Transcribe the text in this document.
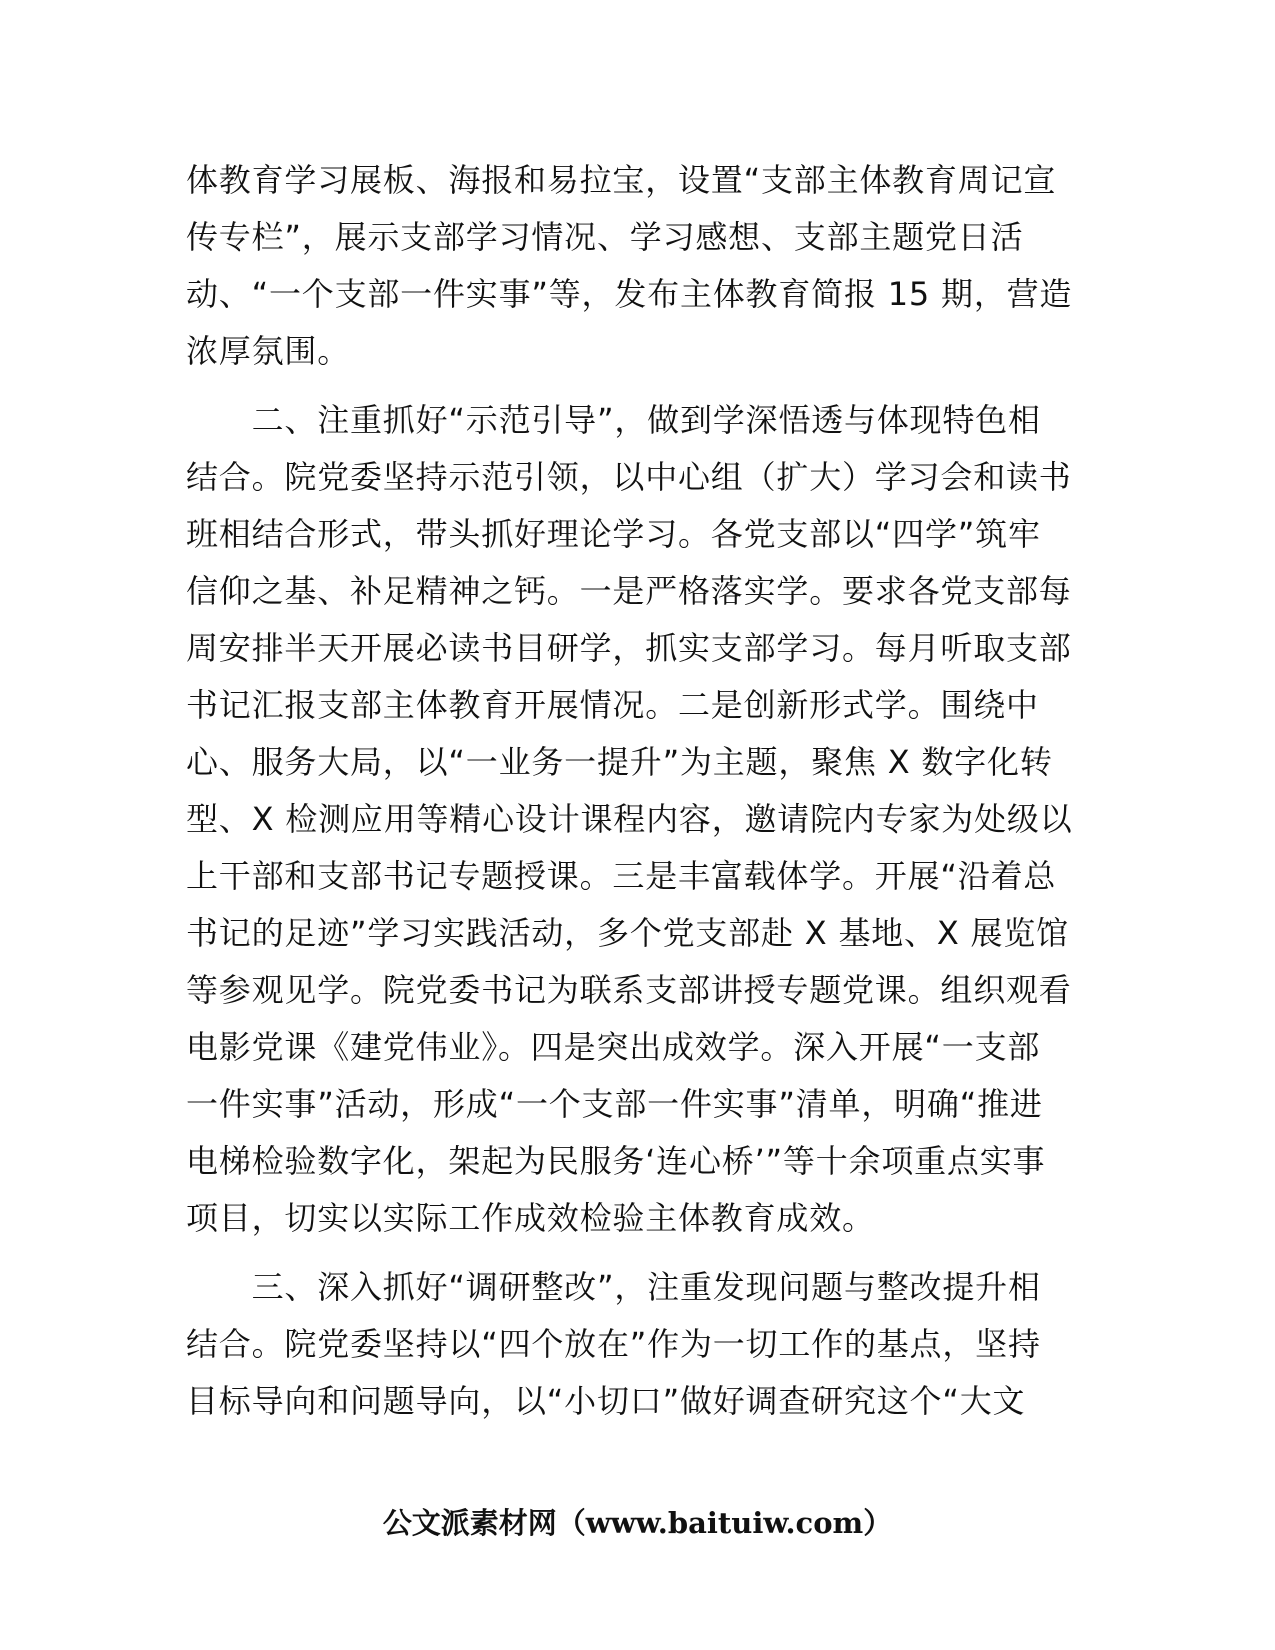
体教育学习展板、海报和易拉宝，设置“支部主体教育周记宣
传专栏”，展示支部学习情况、学习感想、支部主题党日活
动、“一个支部一件实事”等，发布主体教育简报 15 期，营造
浓厚氛围。

　　二、注重抓好“示范引导”，做到学深悟透与体现特色相
结合。院党委坚持示范引领，以中心组（扩大）学习会和读书
班相结合形式，带头抓好理论学习。各党支部以“四学”筑牢
信仰之基、补足精神之钙。一是严格落实学。要求各党支部每
周安排半天开展必读书目研学，抓实支部学习。每月听取支部
书记汇报支部主体教育开展情况。二是创新形式学。围绕中
心、服务大局，以“一业务一提升”为主题，聚焦 X 数字化转
型、X 检测应用等精心设计课程内容，邀请院内专家为处级以
上干部和支部书记专题授课。三是丰富载体学。开展“沿着总
书记的足迹”学习实践活动，多个党支部赴 X 基地、X 展览馆
等参观见学。院党委书记为联系支部讲授专题党课。组织观看
电影党课《建党伟业》。四是突出成效学。深入开展“一支部
一件实事”活动，形成“一个支部一件实事”清单，明确“推进
电梯检验数字化，架起为民服务‘连心桥’”等十余项重点实事
项目，切实以实际工作成效检验主体教育成效。

　　三、深入抓好“调研整改”，注重发现问题与整改提升相
结合。院党委坚持以“四个放在”作为一切工作的基点，坚持
目标导向和问题导向，以“小切口”做好调查研究这个“大文

公文派素材网（www.baituiw.com）
